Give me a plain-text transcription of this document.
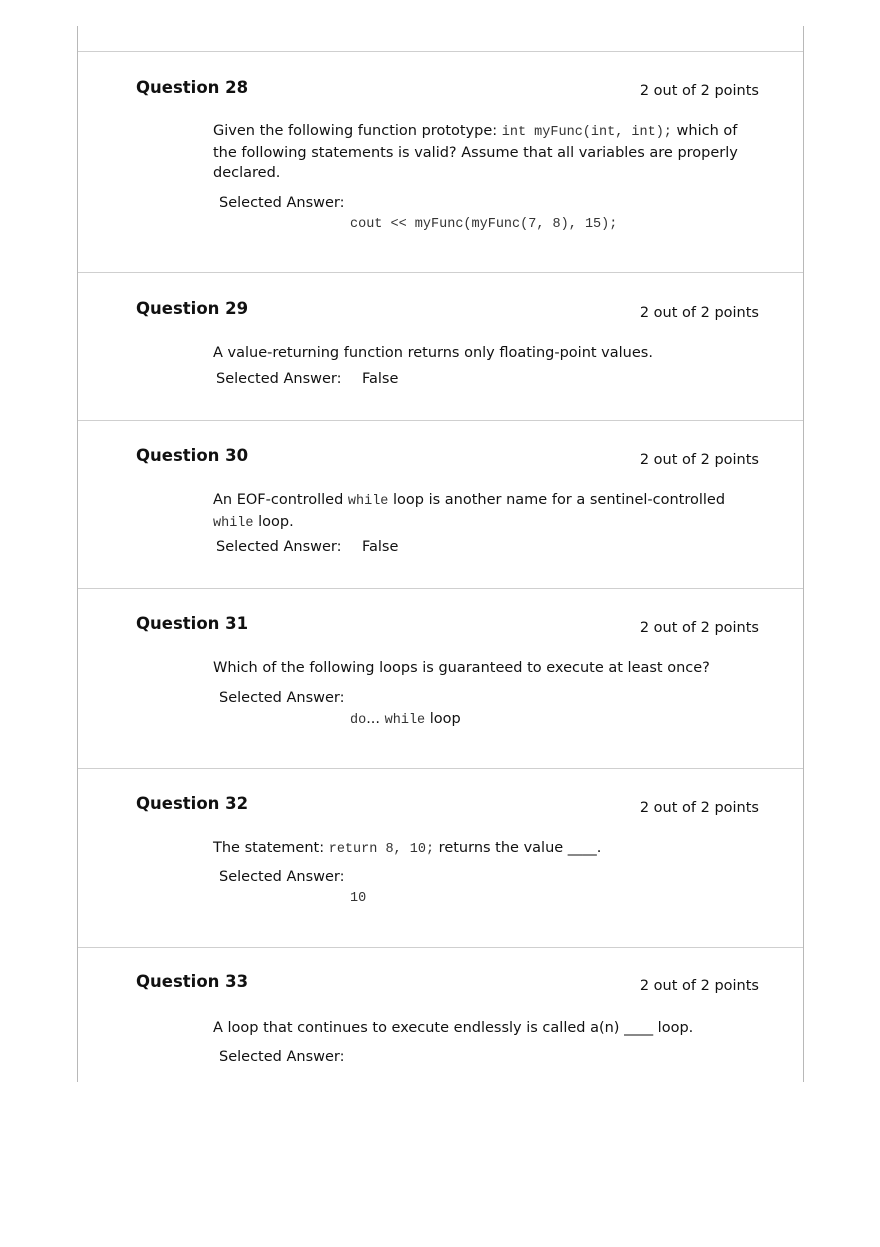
Question 28	2 out of 2 points
Given the following function prototype: int myFunc(int, int); which of the following statements is valid? Assume that all variables are properly declared.
Selected Answer:
cout << myFunc(myFunc(7, 8), 15);
Question 29	2 out of 2 points
A value-returning function returns only floating-point values.
Selected Answer: False
Question 30	2 out of 2 points
An EOF-controlled while loop is another name for a sentinel-controlled while loop.
Selected Answer: False
Question 31	2 out of 2 points
Which of the following loops is guaranteed to execute at least once?
Selected Answer:
do... while loop
Question 32	2 out of 2 points
The statement: return 8, 10; returns the value ____.
Selected Answer:
10
Question 33	2 out of 2 points
A loop that continues to execute endlessly is called a(n) ____ loop.
Selected Answer:
